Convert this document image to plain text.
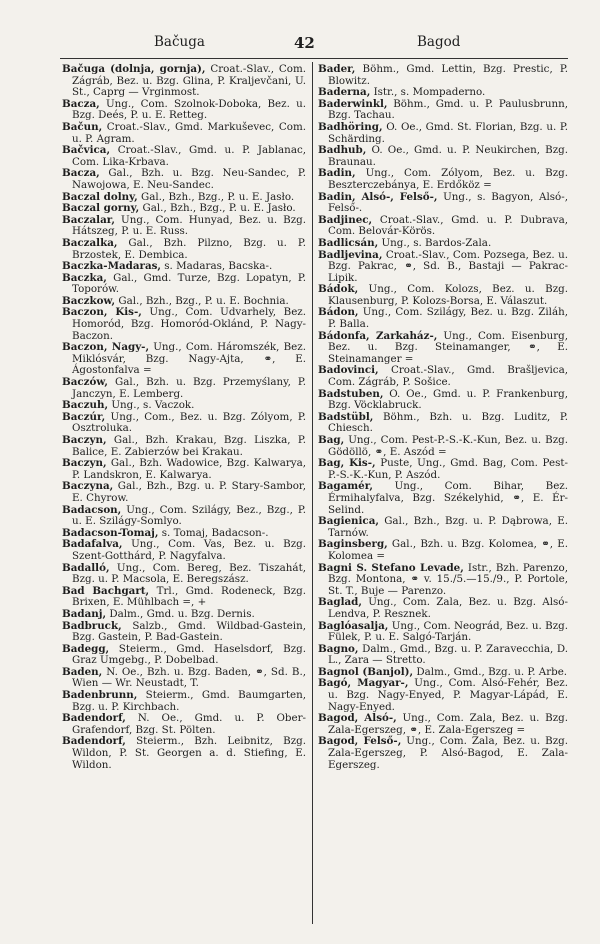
Bačuga	42	Bagod

Bačuga (dolnja, gornja), Croat.-Slav., Com. Zágráb, Bez. u. Bzg. Glina, P. Kraljevčani, U. St., Caprg — Vrginmost.

Bacza, Ung., Com. Szolnok-Doboka, Bez. u. Bzg. Deés, P. u. E. Retteg.

Bačun, Croat.-Slav., Gmd. Markuševec, Com. u. P. Agram.

Bačvica, Croat.-Slav., Gmd. u. P. Jablanac, Com. Lika-Krbava.

Bacza, Gal., Bzh. u. Bzg. Neu-Sandec, P. Nawojowa, E. Neu-Sandec.

Baczal dolny, Gal., Bzh., Bzg., P. u. E. Jasło.

Baczal gorny, Gal., Bzh., Bzg., P. u. E. Jasło.

Baczalar, Ung., Com. Hunyad, Bez. u. Bzg. Hátszeg, P. u. E. Russ.

Baczalka, Gal., Bzh. Pilzno, Bzg. u. P. Brzostek, E. Dembica.

Baczka-Madaras, s. Madaras, Bacska-.

Baczka, Gal., Gmd. Turze, Bzg. Lopatyn, P. Toporów.

Baczkow, Gal., Bzh., Bzg., P. u. E. Bochnia.

Baczon, Kis-, Ung., Com. Udvarhely, Bez. Homoród, Bzg. Homoród-Oklánd, P. Nagy-Baczon.

Baczon, Nagy-, Ung., Com. Háromszék, Bez. Miklósvár, Bzg. Nagy-Ajta, ⚭, E. Ágostonfalva =

Baczów, Gal., Bzh. u. Bzg. Przemyślany, P. Janczyn, E. Lemberg.

Baczuh, Ung., s. Vaczok.

Baczúr, Ung., Com., Bez. u. Bzg. Zólyom, P. Osztroluka.

Baczyn, Gal., Bzh. Krakau, Bzg. Liszka, P. Balice, E. Zabierzów bei Krakau.

Baczyn, Gal., Bzh. Wadowice, Bzg. Kalwarya, P. Landskron, E. Kalwarya.

Baczyna, Gal., Bzh., Bzg. u. P. Stary-Sambor, E. Chyrow.

Badacson, Ung., Com. Szilágy, Bez., Bzg., P. u. E. Szilágy-Somlyo.

Badacson-Tomaj, s. Tomaj, Badacson-.

Badafalva, Ung., Com. Vas, Bez. u. Bzg. Szent-Gotthárd, P. Nagyfalva.

Badalló, Ung., Com. Bereg, Bez. Tiszahát, Bzg. u. P. Macsola, E. Beregszász.

Bad Bachgart, Trl., Gmd. Rodeneck, Bzg. Brixen, E. Mühlbach =, +

Badanj, Dalm., Gmd. u. Bzg. Dernis.

Badbruck, Salzb., Gmd. Wildbad-Gastein, Bzg. Gastein, P. Bad-Gastein.

Badegg, Steierm., Gmd. Haselsdorf, Bzg. Graz Umgebg., P. Dobelbad.

Baden, N. Oe., Bzh. u. Bzg. Baden, ⚭, Sd. B., Wien — Wr. Neustadt, T.

Badenbrunn, Steierm., Gmd. Baumgarten, Bzg. u. P. Kirchbach.

Badendorf, N. Oe., Gmd. u. P. Ober-Grafendorf, Bzg. St. Pölten.

Badendorf, Steierm., Bzh. Leibnitz, Bzg. Wildon, P. St. Georgen a. d. Stiefing, E. Wildon.

Bader, Böhm., Gmd. Lettin, Bzg. Prestic, P. Blowitz.

Baderna, Istr., s. Mompaderno.

Baderwinkl, Böhm., Gmd. u. P. Paulusbrunn, Bzg. Tachau.

Badhöring, O. Oe., Gmd. St. Florian, Bzg. u. P. Schärding.

Badhub, O. Oe., Gmd. u. P. Neukirchen, Bzg. Braunau.

Badin, Ung., Com. Zólyom, Bez. u. Bzg. Beszterczebánya, E. Erdőköz =

Badin, Alsó-, Felső-, Ung., s. Bagyon, Alsó-, Felső-.

Badjinec, Croat.-Slav., Gmd. u. P. Dubrava, Com. Belovár-Körös.

Badlicsán, Ung., s. Bardos-Zala.

Badljevina, Croat.-Slav., Com. Pozsega, Bez. u. Bzg. Pakrac, ⚭, Sd. B., Bastaji — Pakrac-Lipik.

Bádok, Ung., Com. Kolozs, Bez. u. Bzg. Klausenburg, P. Kolozs-Borsa, E. Válaszut.

Bádon, Ung., Com. Szilágy, Bez. u. Bzg. Ziláh, P. Balla.

Bádonfa, Zarkaház-, Ung., Com. Eisenburg, Bez. u. Bzg. Steinamanger, ⚭, E. Steinamanger =

Badovinci, Croat.-Slav., Gmd. Brašljevica, Com. Zágráb, P. Sošice.

Badstuben, O. Oe., Gmd. u. P. Frankenburg, Bzg. Vöcklabruck.

Badstübl, Böhm., Bzh. u. Bzg. Luditz, P. Chiesch.

Bag, Ung., Com. Pest-P.-S.-K.-Kun, Bez. u. Bzg. Gödöllö, ⚭, E. Aszód =

Bag, Kis-, Puste, Ung., Gmd. Bag, Com. Pest-P.-S.-K.-Kun, P. Aszód.

Bagamér, Ung., Com. Bihar, Bez. Érmihalyfalva, Bzg. Székelyhid, ⚭, E. Ér-Selind.

Bagienica, Gal., Bzh., Bzg. u. P. Dąbrowa, E. Tarnów.

Baginsberg, Gal., Bzh. u. Bzg. Kolomea, ⚭, E. Kolomea =

Bagni S. Stefano Levade, Istr., Bzh. Parenzo, Bzg. Montona, ⚭ v. 15./5.—15./9., P. Portole, St. T., Buje — Parenzo.

Baglad, Ung., Com. Zala, Bez. u. Bzg. Alsó-Lendva, P. Resznek.

Baglóasalja, Ung., Com. Neográd, Bez. u. Bzg. Fülek, P. u. E. Salgó-Tarján.

Bagno, Dalm., Gmd., Bzg. u. P. Zaravecchia, D. L., Zara — Stretto.

Bagnol (Banjol), Dalm., Gmd., Bzg. u. P. Arbe.

Bagó, Magyar-, Ung., Com. Alsó-Fehér, Bez. u. Bzg. Nagy-Enyed, P. Magyar-Lápád, E. Nagy-Enyed.

Bagod, Alsó-, Ung., Com. Zala, Bez. u. Bzg. Zala-Egerszeg, ⚭, E. Zala-Egerszeg =

Bagod, Felső-, Ung., Com. Zala, Bez. u. Bzg. Zala-Egerszeg, P. Alsó-Bagod, E. Zala-Egerszeg.
